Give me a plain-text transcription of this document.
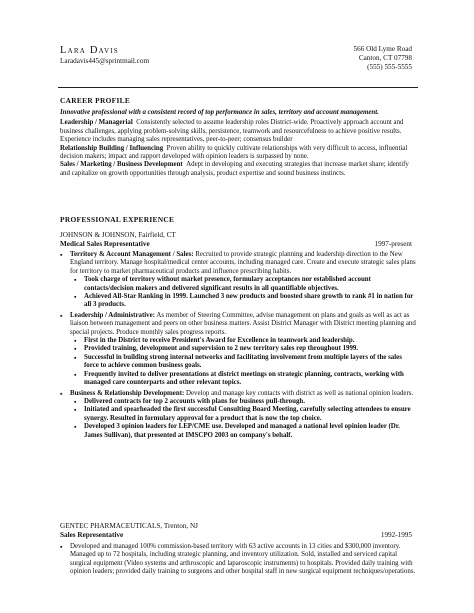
Lara Davis
Laradavis445@sprintmail.com
566 Old Lyme Road
Canton, CT 07798
(555) 555-5555
CAREER PROFILE

Innovative professional with a consistent record of top performance in sales, territory and account management.

Leadership / Managerial Consistently selected to assume leadership roles District-wide. Proactively approach account and business challenges, applying problem-solving skills, persistence, teamwork and resourcefulness to achieve positive results. Experience includes managing sales representatives, peer-to-peer; consensus builder

Relationship Building / Influencing Proven ability to quickly cultivate relationships with very difficult to access, influential decision makers; impact and rapport developed with opinion leaders is surpassed by none.

Sales / Marketing / Business Development Adept in developing and executing strategies that increase market share; identify and capitalize on growth opportunities through analysis, product expertise and sound business instincts.

PROFESSIONAL EXPERIENCE
JOHNSON & JOHNSON, Fairfield, CT
Medical Sales Representative	1997-present
▪ Territory & Account Management / Sales: Recruited to provide strategic planning and leadership direction to the New England territory. Manage hospital/medical center accounts, including managed care. Create and execute strategic sales plans for territory to market pharmaceutical products and influence prescribing habits.
▪ Took charge of territory without market presence, formulary acceptances nor established account contacts/decision makers and delivered significant results in all quantifiable objectives.
▪ Achieved All-Star Ranking in 1999. Launched 3 new products and boosted share growth to rank #1 in nation for all 3 products.
▪ Leadership / Administrative: As member of Steering Committee, advise management on plans and goals as well as act as liaison between management and peers on other business matters. Assist District Manager with District meeting planning and special projects. Produce monthly sales progress reports.
▪ First in the District to receive President's Award for Excellence in teamwork and leadership.
▪ Provided training, development and supervision to 2 new territory sales rep throughout 1999.
▪ Successful in building strong internal networks and facilitating involvement from multiple layers of the sales force to achieve common business goals.
▪ Frequently invited to deliver presentations at district meetings on strategic planning, contracts, working with managed care counterparts and other relevant topics.
▪ Business & Relationship Development: Develop and manage key contacts with district as well as national opinion leaders.
▪ Delivered contracts for top 2 accounts with plans for business pull-through.
▪ Initiated and spearheaded the first successful Consulting Board Meeting, carefully selecting attendees to ensure synergy. Resulted in formulary approval for a product that is now the top choice.
▪ Developed 3 opinion leaders for LEP/CME use. Developed and managed a national level opinion leader (Dr. James Sullivan), that presented at IMSCPO 2003 on company's behalf.
GENTEC PHARMACEUTICALS, Trenton, NJ
Sales Representative	1992-1995
▪ Developed and managed 100% commission-based territory with 63 active accounts in 13 cities and $300,000 inventory. Managed up to 72 hospitals, including strategic planning, and inventory utilization. Sold, installed and serviced capital surgical equipment (Video systems and arthroscopic and laparoscopic instruments) to hospitals. Provided daily training with opinion leaders; provided daily training to surgeons and other hospital staff in new surgical equipment techniques/operations.
